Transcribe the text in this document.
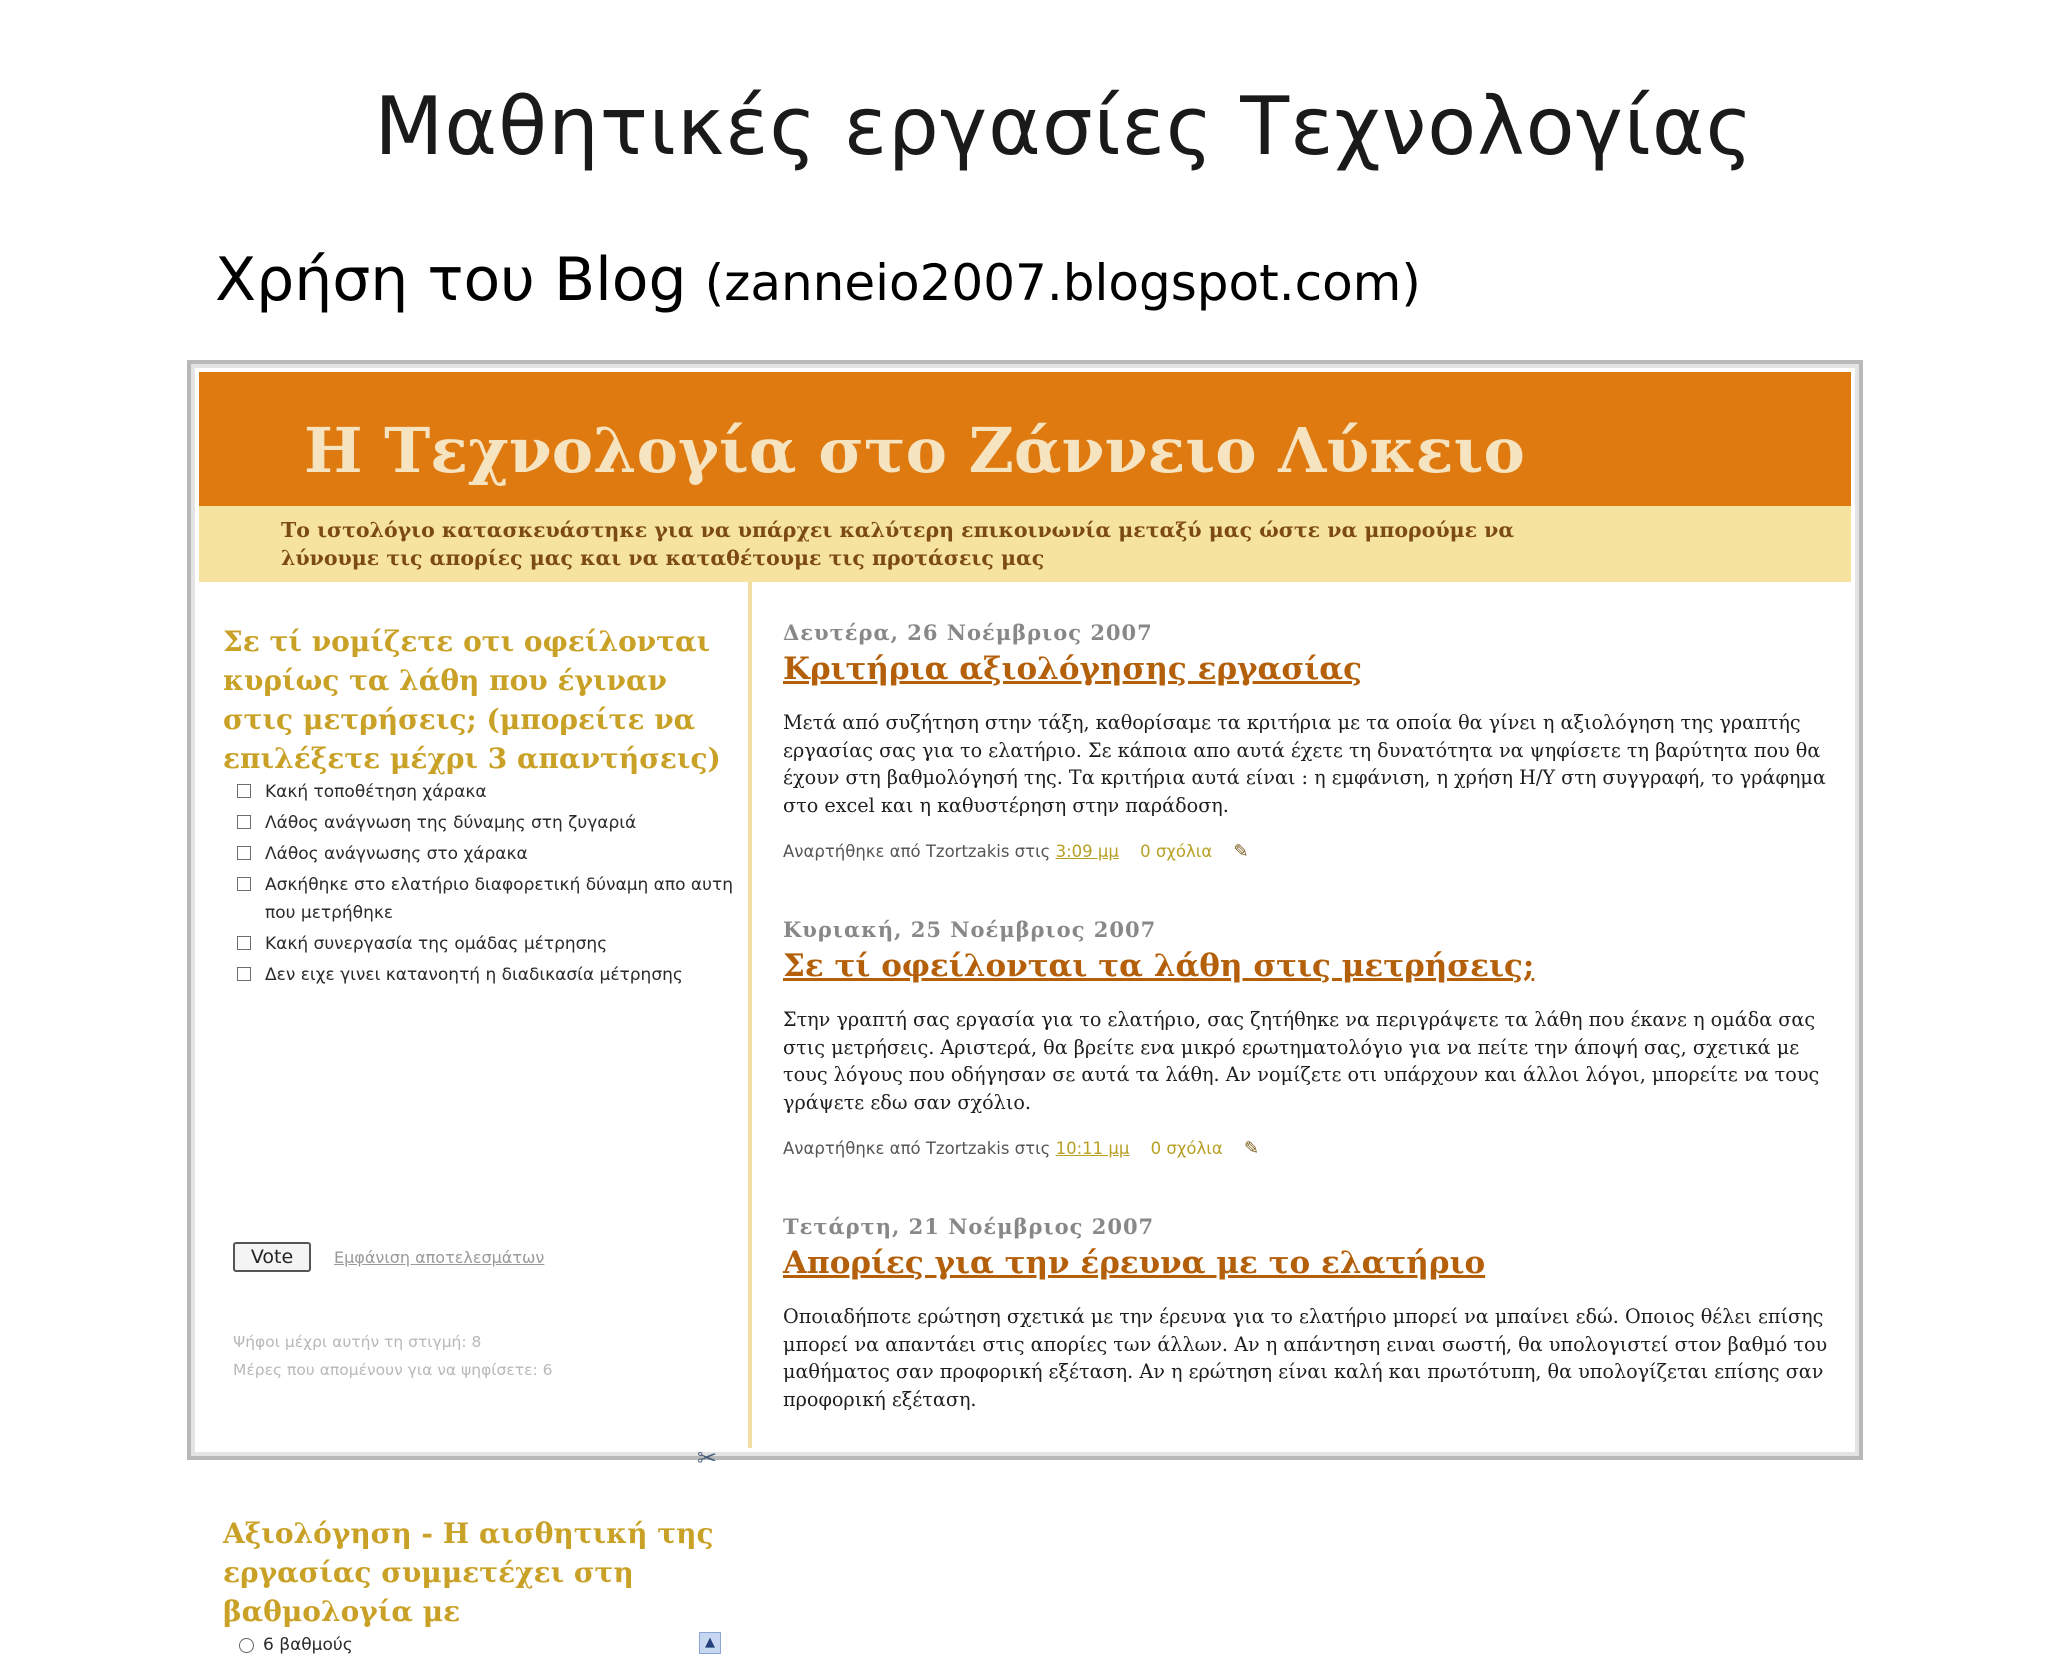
Μαθητικές εργασίες Τεχνολογίας
Χρήση του Blog (zanneio2007.blogspot.com)
Η Τεχνολογία στο Ζάννειο Λύκειο
Το ιστολόγιο κατασκευάστηκε για να υπάρχει καλύτερη επικοινωνία μεταξύ μας ώστε να μπορούμε να λύνουμε τις απορίες μας και να καταθέτουμε τις προτάσεις μας
Σε τί νομίζετε οτι οφείλονται κυρίως τα λάθη που έγιναν στις μετρήσεις; (μπορείτε να επιλέξετε μέχρι 3 απαντήσεις)
Κακή τοποθέτηση χάρακα
Λάθος ανάγνωση της δύναμης στη ζυγαριά
Λάθος ανάγνωσης στο χάρακα
Ασκήθηκε στο ελατήριο διαφορετική δύναμη απο αυτη που μετρήθηκε
Κακή συνεργασία της ομάδας μέτρησης
Δεν ειχε γινει κατανοητή η διαδικασία μέτρησης
Vote	Εμφάνιση αποτελεσμάτων
Ψήφοι μέχρι αυτήν τη στιγμή: 8
Μέρες που απομένουν για να ψηφίσετε: 6
✂
Αξιολόγηση - Η αισθητική της εργασίας συμμετέχει στη βαθμολογία με
6 βαθμούς	▲
Δευτέρα, 26 Νοέμβριος 2007
Κριτήρια αξιολόγησης εργασίας
Μετά από συζήτηση στην τάξη, καθορίσαμε τα κριτήρια με τα οποία θα γίνει η αξιολόγηση της γραπτής εργασίας σας για το ελατήριο. Σε κάποια απο αυτά έχετε τη δυνατότητα να ψηφίσετε τη βαρύτητα που θα έχουν στη βαθμολόγησή της. Τα κριτήρια αυτά είναι : η εμφάνιση, η χρήση Η/Υ στη συγγραφή, το γράφημα στο excel και η καθυστέρηση στην παράδοση.
Αναρτήθηκε από Tzortzakis στις 3:09 μμ 0 σχόλια ✎
Κυριακή, 25 Νοέμβριος 2007
Σε τί οφείλονται τα λάθη στις μετρήσεις;
Στην γραπτή σας εργασία για το ελατήριο, σας ζητήθηκε να περιγράψετε τα λάθη που έκανε η ομάδα σας στις μετρήσεις. Αριστερά, θα βρείτε ενα μικρό ερωτηματολόγιο για να πείτε την άποψή σας, σχετικά με τους λόγους που οδήγησαν σε αυτά τα λάθη. Αν νομίζετε οτι υπάρχουν και άλλοι λόγοι, μπορείτε να τους γράψετε εδω σαν σχόλιο.
Αναρτήθηκε από Tzortzakis στις 10:11 μμ 0 σχόλια ✎
Τετάρτη, 21 Νοέμβριος 2007
Απορίες για την έρευνα με το ελατήριο
Οποιαδήποτε ερώτηση σχετικά με την έρευνα για το ελατήριο μπορεί να μπαίνει εδώ. Οποιος θέλει επίσης μπορεί να απαντάει στις απορίες των άλλων. Αν η απάντηση ειναι σωστή, θα υπολογιστεί στον βαθμό του μαθήματος σαν προφορική εξέταση. Αν η ερώτηση είναι καλή και πρωτότυπη, θα υπολογίζεται επίσης σαν προφορική εξέταση.
